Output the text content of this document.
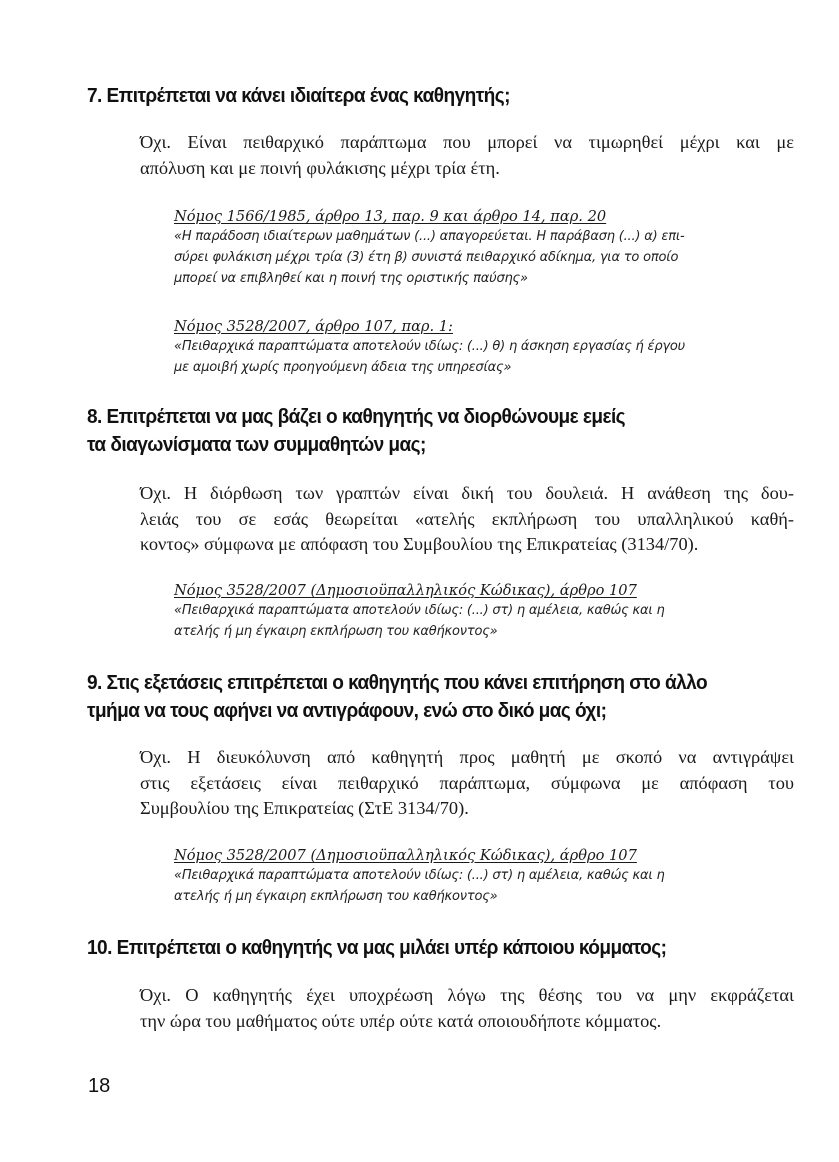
7. Επιτρέπεται να κάνει ιδιαίτερα ένας καθηγητής;
Όχι. Είναι πειθαρχικό παράπτωμα που μπορεί να τιμωρηθεί μέχρι και με
απόλυση και με ποινή φυλάκισης μέχρι τρία έτη.
Νόμος 1566/1985, άρθρο 13, παρ. 9 και άρθρο 14, παρ. 20
«Η παράδοση ιδιαίτερων μαθημάτων (...) απαγορεύεται. Η παράβαση (...) α) επι-
σύρει φυλάκιση μέχρι τρία (3) έτη β) συνιστά πειθαρχικό αδίκημα, για το οποίο
μπορεί να επιβληθεί και η ποινή της οριστικής παύσης»
Νόμος 3528/2007, άρθρο 107, παρ. 1:
«Πειθαρχικά παραπτώματα αποτελούν ιδίως: (...) θ) η άσκηση εργασίας ή έργου
με αμοιβή χωρίς προηγούμενη άδεια της υπηρεσίας»
8. Επιτρέπεται να μας βάζει ο καθηγητής να διορθώνουμε εμείς
τα διαγωνίσματα των συμμαθητών μας;
Όχι. Η διόρθωση των γραπτών είναι δική του δουλειά. Η ανάθεση της δου-
λειάς του σε εσάς θεωρείται «ατελής εκπλήρωση του υπαλληλικού καθή-
κοντος» σύμφωνα με απόφαση του Συμβουλίου της Επικρατείας (3134/70).
Νόμος 3528/2007 (Δημοσιοϋπαλληλικός Κώδικας), άρθρο 107
«Πειθαρχικά παραπτώματα αποτελούν ιδίως: (...) στ) η αμέλεια, καθώς και η
ατελής ή μη έγκαιρη εκπλήρωση του καθήκοντος»
9. Στις εξετάσεις επιτρέπεται ο καθηγητής που κάνει επιτήρηση στο άλλο
τμήμα να τους αφήνει να αντιγράφουν, ενώ στο δικό μας όχι;
Όχι. Η διευκόλυνση από καθηγητή προς μαθητή με σκοπό να αντιγράψει
στις εξετάσεις είναι πειθαρχικό παράπτωμα, σύμφωνα με απόφαση του
Συμβουλίου της Επικρατείας (ΣτΕ 3134/70).
Νόμος 3528/2007 (Δημοσιοϋπαλληλικός Κώδικας), άρθρο 107
«Πειθαρχικά παραπτώματα αποτελούν ιδίως: (...) στ) η αμέλεια, καθώς και η
ατελής ή μη έγκαιρη εκπλήρωση του καθήκοντος»
10. Επιτρέπεται ο καθηγητής να μας μιλάει υπέρ κάποιου κόμματος;
Όχι. Ο καθηγητής έχει υποχρέωση λόγω της θέσης του να μην εκφράζεται
την ώρα του μαθήματος ούτε υπέρ ούτε κατά οποιουδήποτε κόμματος.
18
